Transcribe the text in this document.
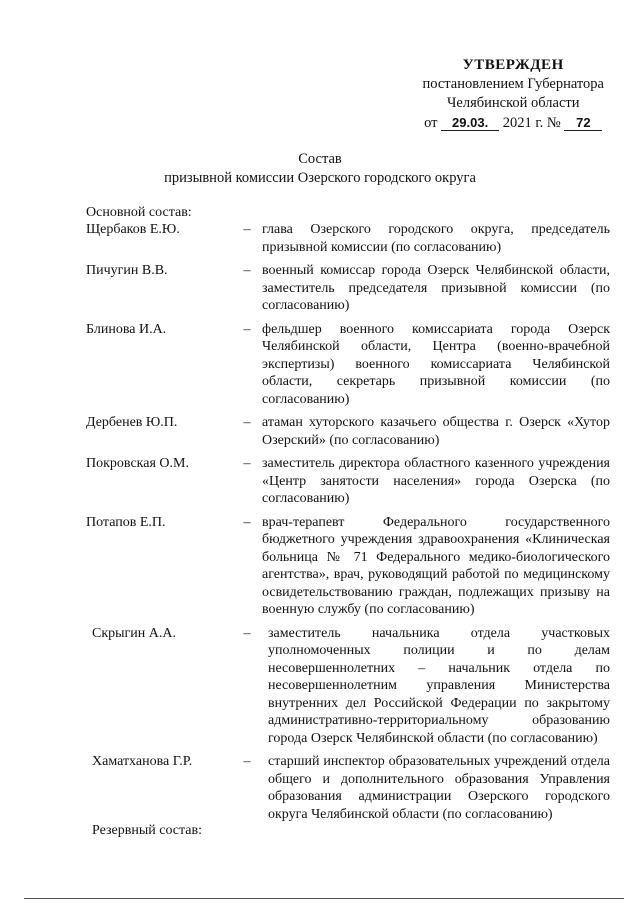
УТВЕРЖДЕН
постановлением Губернатора
Челябинской области
от 29.03. 2021 г. № 72
Состав
призывной комиссии Озерского городского округа
Основной состав:
Щербаков Е.Ю.	– глава Озерского городского округа, председатель призывной комиссии (по согласованию)
Пичугин В.В.	– военный комиссар города Озерск Челябинской области, заместитель председателя призывной комиссии (по согласованию)
Блинова И.А.	– фельдшер военного комиссариата города Озерск Челябинской области, Центра (военно-врачебной экспертизы) военного комиссариата Челябинской области, секретарь призывной комиссии (по согласованию)
Дербенев Ю.П.	– атаман хуторского казачьего общества г. Озерск «Хутор Озерский» (по согласованию)
Покровская О.М.	– заместитель директора областного казенного учреждения «Центр занятости населения» города Озерска (по согласованию)
Потапов Е.П.	– врач-терапевт Федерального государственного бюджетного учреждения здравоохранения «Клиническая больница № 71 Федерального медико-биологического агентства», врач, руководящий работой по медицинскому освидетельствованию граждан, подлежащих призыву на военную службу (по согласованию)
Скрыгин А.А.	–	заместитель начальника отдела участковых уполномоченных полиции и по делам несовершеннолетних – начальник отдела по несовершеннолетним управления Министерства внутренних дел Российской Федерации по закрытому административно-территориальному образованию города Озерск Челябинской области (по согласованию)
Хаматханова Г.Р.	–	старший инспектор образовательных учреждений отдела общего и дополнительного образования Управления образования администрации Озерского городского округа Челябинской области (по согласованию)
Резервный состав:
